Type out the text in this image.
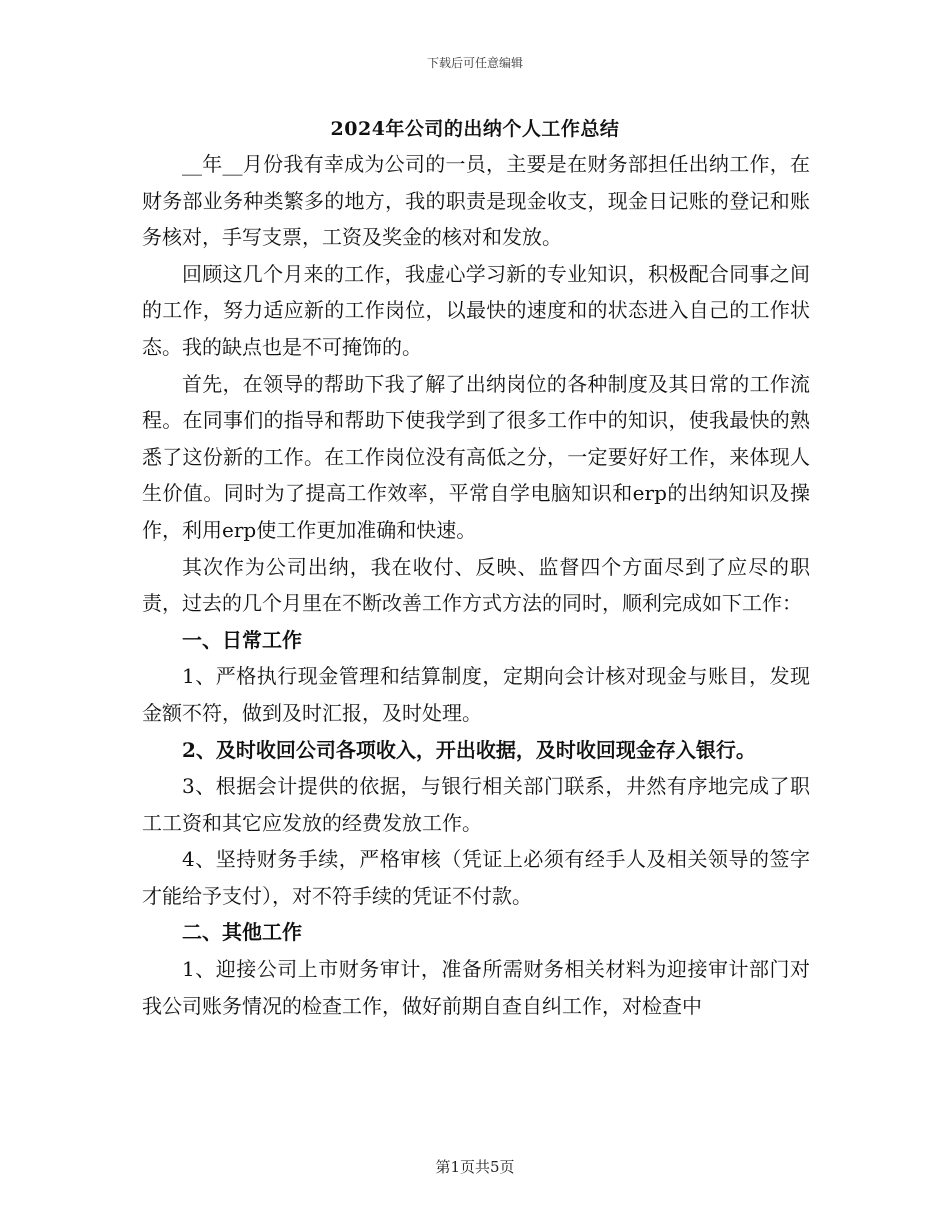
下载后可任意编辑
2024年公司的出纳个人工作总结

__年__月份我有幸成为公司的一员，主要是在财务部担任出纳工作，在财务部业务种类繁多的地方，我的职责是现金收支，现金日记账的登记和账务核对，手写支票，工资及奖金的核对和发放。

回顾这几个月来的工作，我虚心学习新的专业知识，积极配合同事之间的工作，努力适应新的工作岗位，以最快的速度和的状态进入自己的工作状态。我的缺点也是不可掩饰的。

首先，在领导的帮助下我了解了出纳岗位的各种制度及其日常的工作流程。在同事们的指导和帮助下使我学到了很多工作中的知识，使我最快的熟悉了这份新的工作。在工作岗位没有高低之分，一定要好好工作，来体现人生价值。同时为了提高工作效率，平常自学电脑知识和erp的出纳知识及操作，利用erp使工作更加准确和快速。

其次作为公司出纳，我在收付、反映、监督四个方面尽到了应尽的职责，过去的几个月里在不断改善工作方式方法的同时，顺利完成如下工作：

一、日常工作

1、严格执行现金管理和结算制度，定期向会计核对现金与账目，发现金额不符，做到及时汇报，及时处理。

2、及时收回公司各项收入，开出收据，及时收回现金存入银行。

3、根据会计提供的依据，与银行相关部门联系，井然有序地完成了职工工资和其它应发放的经费发放工作。

4、坚持财务手续，严格审核（凭证上必须有经手人及相关领导的签字才能给予支付），对不符手续的凭证不付款。

二、其他工作

1、迎接公司上市财务审计，准备所需财务相关材料为迎接审计部门对我公司账务情况的检查工作，做好前期自查自纠工作，对检查中

第1页共5页
